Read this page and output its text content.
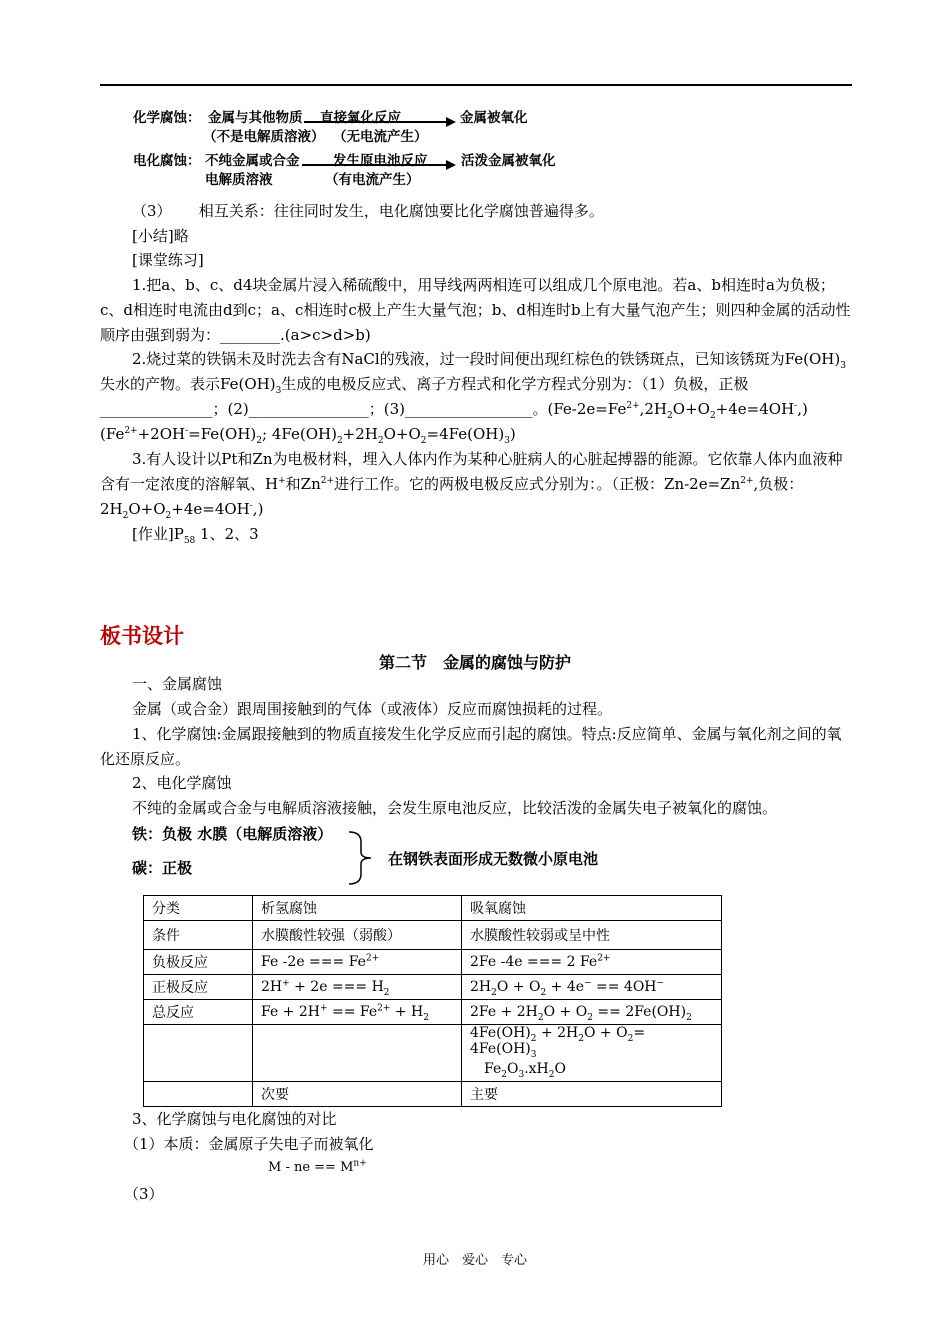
化学腐蚀： 金属与其他物质 直接氧化反应	金属被氧化
（不是电解质溶液） （无电流产生）
电化腐蚀： 不纯金属或合金 发生原电池反应 活泼金属被氧化
电解质溶液	（有电流产生）
（3）　　 相互关系：往往同时发生，电化腐蚀要比化学腐蚀普遍得多。
[小结]略
[课堂练习]
1.把a、b、c、d4块金属片浸入稀硫酸中，用导线两两相连可以组成几个原电池。若a、b相连时a为负极；c、d相连时电流由d到c；a、c相连时c极上产生大量气泡；b、d相连时b上有大量气泡产生；则四种金属的活动性顺序由强到弱为：________.(a>c>d>b)
2.烧过菜的铁锅未及时洗去含有NaCl的残液，过一段时间便出现红棕色的铁锈斑点，已知该锈斑为$Fe(OH)_3$失水的产物。表示$Fe(OH)_3$生成的电极反应式、离子方程式和化学方程式分别为：（1）负极，正极_______________；(2)________________；(3)_________________。$(Fe-2e=Fe^{2+},2H_2O+O_2+4e=4OH^-,)(Fe^{2+}+2OH^-=Fe(OH)_2$; $4Fe(OH)_2+2H_2O+O_2=4Fe(OH)_3$)
3.有人设计以Pt和Zn为电极材料，埋入人体内作为某种心脏病人的心脏起搏器的能源。它依靠人体内血液种含有一定浓度的溶解氧、H+和$Zn^{2+}$进行工作。它的两极电极反应式分别为：。（正极：$Zn-2e=Zn^{2+}$,负极：$2H_2O+O_2+4e=4OH^-$,)
[作业]$P_{58}$ 1、2、3
板书设计
第二节　金属的腐蚀与防护
一、金属腐蚀
金属（或合金）跟周围接触到的气体（或液体）反应而腐蚀损耗的过程。
1、化学腐蚀:金属跟接触到的物质直接发生化学反应而引起的腐蚀。特点:反应简单、金属与氧化剂之间的氧化还原反应。
2、电化学腐蚀
不纯的金属或合金与电解质溶液接触，会发生原电池反应，比较活泼的金属失电子被氧化的腐蚀。
铁：负极 水膜（电解质溶液）
碳：正极	在钢铁表面形成无数微小原电池
分类	析氢腐蚀	吸氧腐蚀
条件	水膜酸性较强（弱酸）	水膜酸性较弱或呈中性
负极反应	Fe -2e === $Fe^{2+}$	2Fe -4e === 2 $Fe^{2+}$
正极反应	2H+ + 2e === $H_2$	$2H_2O + O_2 + 4e^- == 4OH^-$
总反应	$Fe + 2H^+ == Fe^{2+} + H_2$	$2Fe + 2H_2O + O_2 == 2Fe(OH)_2$
		$4Fe(OH)_2 + 2H_2O + O_2= 4Fe(OH)_3$
		$Fe_2O_3.xH_2O$
	次要	主要
3、化学腐蚀与电化腐蚀的对比
（1）本质：金属原子失电子而被氧化
M - ne == $M^{n+}$
（3）
用心　爱心　专心
